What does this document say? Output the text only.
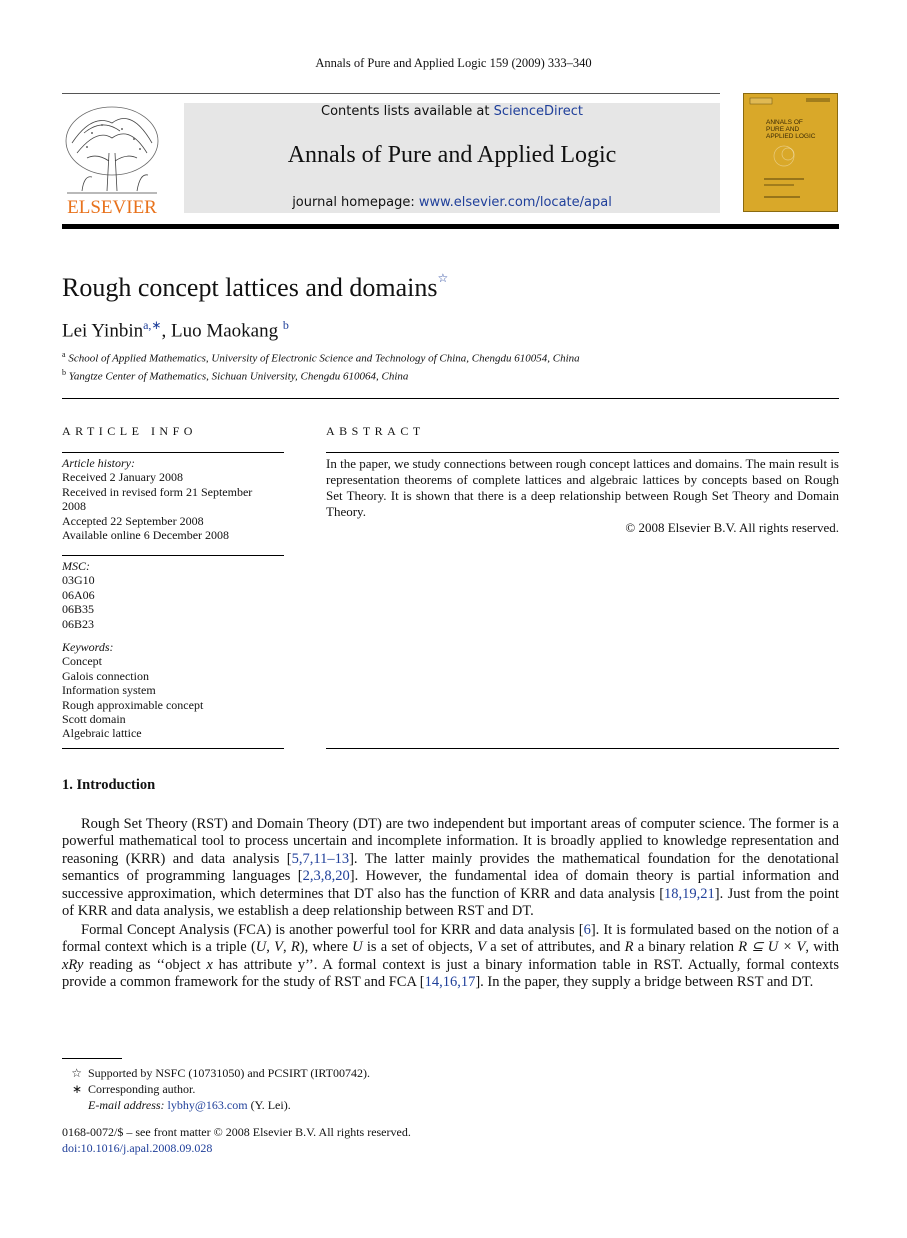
Annals of Pure and Applied Logic 159 (2009) 333–340
ELSEVIER
Contents lists available at ScienceDirect
Annals of Pure and Applied Logic
journal homepage: www.elsevier.com/locate/apal
ANNALS OF PURE AND APPLIED LOGIC
Rough concept lattices and domains☆
Lei Yinbin$^{a,∗}$, Luo Maokang $^b$
$^a$ School of Applied Mathematics, University of Electronic Science and Technology of China, Chengdu 610054, China
$^b$ Yangtze Center of Mathematics, Sichuan University, Chengdu 610064, China
ARTICLE INFO
Article history:
Received 2 January 2008
Received in revised form 21 September
2008
Accepted 22 September 2008
Available online 6 December 2008
MSC:
03G10
06A06
06B35
06B23
Keywords:
Concept
Galois connection
Information system
Rough approximable concept
Scott domain
Algebraic lattice
ABSTRACT
In the paper, we study connections between rough concept lattices and domains. The main result is representation theorems of complete lattices and algebraic lattices by concepts based on Rough Set Theory. It is shown that there is a deep relationship between Rough Set Theory and Domain Theory.
© 2008 Elsevier B.V. All rights reserved.
1. Introduction
Rough Set Theory (RST) and Domain Theory (DT) are two independent but important areas of computer science. The former is a powerful mathematical tool to process uncertain and incomplete information. It is broadly applied to knowledge representation and reasoning (KRR) and data analysis [5,7,11–13]. The latter mainly provides the mathematical foundation for the denotational semantics of programming languages [2,3,8,20]. However, the fundamental idea of domain theory is partial information and successive approximation, which determines that DT also has the function of KRR and data analysis [18,19,21]. Just from the point of KRR and data analysis, we establish a deep relationship between RST and DT.
Formal Concept Analysis (FCA) is another powerful tool for KRR and data analysis [6]. It is formulated based on the notion of a formal context which is a triple (U, V, R), where U is a set of objects, V a set of attributes, and R a binary relation R ⊆ U × V, with xRy reading as ‘‘object x has attribute y’’. A formal context is just a binary information table in RST. Actually, formal contexts provide a common framework for the study of RST and FCA [14,16,17]. In the paper, they supply a bridge between RST and DT.
☆ Supported by NSFC (10731050) and PCSIRT (IRT00742).
∗ Corresponding author.
E-mail address: lybhy@163.com (Y. Lei).
0168-0072/$ – see front matter © 2008 Elsevier B.V. All rights reserved.
doi:10.1016/j.apal.2008.09.028
